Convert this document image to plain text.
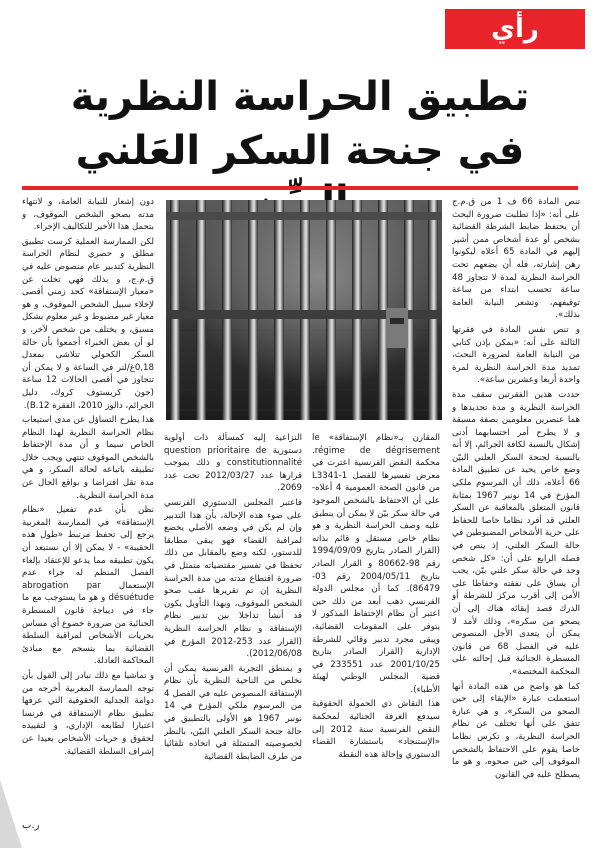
رأي قانوني
تطبيق الحراسة النظرية
في جنحة السكر العَلني

تنص المادة 66 ف 1 من ق.م.ج على أنه: «إذا تطلبت ضرورة البحث أن يحتفظ ضابط الشرطة القضائية بشخص أو عدة أشخاص ممن أشير إليهم في المادة 65 أعلاه ليكونوا رهن إشارته، فله أن يضعهم تحت الحراسة النظرية لمدة لا تتجاوز 48 ساعة تحسب ابتداء من ساعة توقيفهم، وتشعر النيابة العامة بذلك».

و تنص نفس المادة في فقرتها الثالثة على أنه: «يمكن بإذن كتابي من النيابة العامة لضرورة البحث، تمديد مدة الحراسة النظرية لمرة واحدة أربعا وعشرين ساعة».

حددت هذين الفقرتين سقف مدة الحراسة النظرية و مدة تجديدها و هما عنصرين معلومين بصفة مسبقة و لا يطرح أمر احتسابهما أدنى إشكال بالنسبة لكافة الجرائم، إلا أنه بالنسبة لجنحة السكر العلني البيّن وضع خاص يحيد عن تطبيق المادة 66 أعلاه، ذلك أن المرسوم ملكي المؤرخ في 14 نونبر 1967 بمثابة قانون المتعلق بالمعاقبة عن السكر العلني قد أفرد نظاما خاصا للحفاظ على حرية الأشخاص المضبوطين في حالة السكر العلني، إذ ينص في فصله الرابع على أن: «كل شخص وجد في حالة سكر علني بيّن، يجب أن يساق على نفقته وحفاظا على الأمن إلى أقرب مركز للشرطة أو الدرك قصد إبقائه هناك إلى أن يصحو من سكره»، وذلك لأمد لا يمكن أن يتعدى الأجل المنصوص عليه في الفصل 68 من قانون المسطرة الجنائية قبل إحالته على المحكمة المختصة».

كما هو واضح من هذه المادة أنها استعملت عبارة «الإبقاء إلى حين الصحو من السكر»، و هي عبارة تتفق على أنها تختلف عن نظام الحراسة النظرية، و تكرس نظاما خاصا يقوم على الاحتفاظ بالشخص الموقوف إلى حين صحوه، و هو ما يصطلح عليه في القانون

المقارن بـ«نظام الإستفاقة» le régime de dégrisement. محكمة النقض الفرنسية اعترت في معرض تفسيرها للفصل L3341-1 من قانون الصحة العمومية 4 أعلاه- على أن الاحتفاظ بالشخص الموجود في حالة سكر بيّن لا يمكن أن ينطبق عليه وصف الحراسة النظرية و هو نظام خاص مستقل و قائم بذاته (القرار الصادر بتاريخ 1994/09/09 رقم 98-80662 و القرار الصادر بتاريخ 2004/05/11 رقم 03-86479). كما أن مجلس الدولة الفرنسي ذهب أبعد من ذلك حين اعتبر أن نظام الإحتفاظ المذكور لا يتوفر على المقومات القضائية، ويبقى مجرد تدبير وقائي للشرطة الإدارية (القرار الصادر بتاريخ 2001/10/25 عدد 233551 في قضية المجلس الوطني لهيئة الأطباء).

هذا النقاش ذي الحمولة الحقوقية سيدفع الغرفة الجنائية لمحكمة النقض الفرنسية سنة 2012 إلى «الإستنجاد» باستشارة القضاء الدستوري وإحالة هذه النقطة

النزاعية إليه كمسألة ذات أولوية دستورية question prioritaire de constitutionnalité و ذلك بموجب قرارها عدد 2012/03/27 تحت عدد 2069.

فاعتبر المجلس الدستوري الفرنسي على ضوء هذه الإحالة، بأن هذا التدبير وإن لم يكن في وضعه الأصلي يخضع لمراقبة القضاء فهو يبقى مطابقا للدستور، لكنه وضع بالمقابل من ذلك تحفظا في تفسير مقتضياته متمثل في ضرورة اقتطاع مدته من مدة الحراسة النظرية إن تم تقريرها عقب صحو الشخص الموقوف، وبهذا التأويل يكون قد أنشأ تداخلا بين تدبير نظام الإستفاقة و نظام الحراسة النظرية (القرار عدد 253-2012 المؤرخ في 2012/06/08).

و بمنطق التجربة الفرنسية يمكن أن نخلص من الناحية النظرية بأن نظام الإستفاقة المنصوص عليه في الفصل 4 من المرسوم ملكي المؤرخ في 14 نونبر 1967 هو الأولى بالتطبيق في حالة جنحة السكر العلني البيّن، بالنظر لخصوصيته المتمثلة في اتخاذه تلقائيا من طرف الضابطة القضائية

دون إشعار للنيابة العامة، و لانتهاء مدته بصحو الشخص الموقوف، و بتحمل هذا الأخير للتكاليف الإجراء.

لكن الممارسة العملية كرست تطبيق مطلق و حصري لنظام الحراسة النظرية كتدبير عام منصوص عليه في ق.م.ج، و بذلك فهي تخلت عن «معيار الإستفاقة» كحد زمني أقصى لإخلاء سبيل الشخص الموقوف، و هو معيار غير مضبوط و غير معلوم بشكل مسبق، و يختلف من شخص لآخر، و لو أن بعض الخبراء أجمعوا بأن حالة السكر الكحولي تتلاشى بمعدل 0,18غ/لتر في الساعة و لا يمكن أن تتجاوز في أقصى الحالات 12 ساعة (جون كريستوف كروك، دليل الجرائم، دالوز 2010، الفقرة 12.B).

هذا يطرح التساؤل عن مدى استيعاب نظام الحراسة النظرية لهذا النظام الخاص سيما و أن مدة الإحتفاظ بالشخص الموقوف تنتهي ويجب خلال تطبيقه باتباعه لحالة السكر، و هي مدة تقل افتراضا و بواقع الحال عن مدة الحراسة النظرية.

نظن بأن عدم تفعيل «نظام الإستفاقة» في الممارسة المغربية يرجع إلى تحفظ مرتبط «طول هذه الحقيبة» - لا يمكن إلا أن نستبعد أن يكون تطبيقه مما يدعو للإعتقاد بإلغاء الفصل المنظم له جراء عدم الإستعمال abrogation par désuétude و هو ما يستوجب مع ما جاء في ديباجة قانون المسطرة الجنائية من ضرورة خضوع أي مساس بحريات الأشخاص لمراقبة السلطة القضائية بما ينسجم مع مبادئ المحاكمة العادلة.

و تماشيا مع ذلك نبادر إلى القول بأن توجه الممارسة المغربية أخرجه من دوامة الجدلية الحقوقية التي عرفها تطبيق نظام الإستفاقة في فرنسا اعتبارا لطابعه الإداري، و لتقييده لحقوق و حريات الأشخاص بعيدا عن إشراف السلطة القضائية.

ر.ب
